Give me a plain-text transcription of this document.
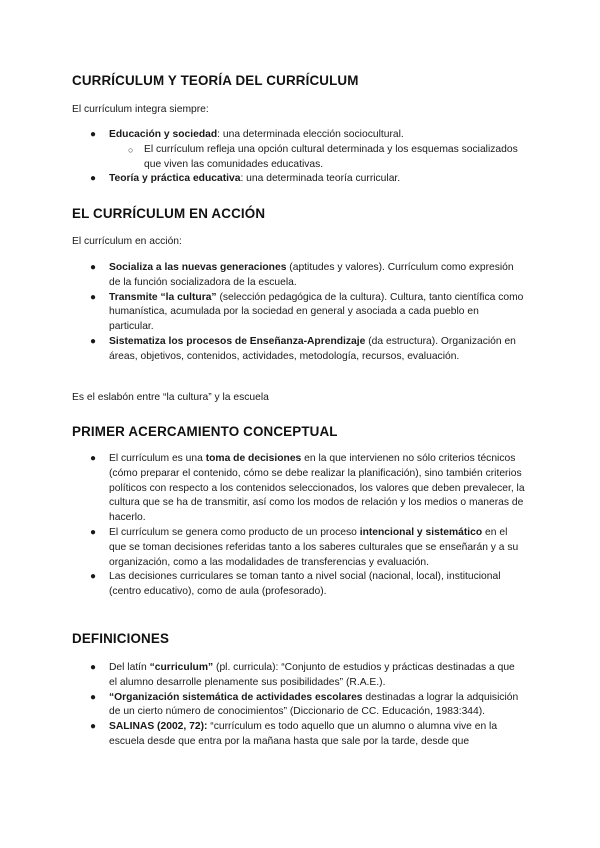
CURRÍCULUM Y TEORÍA DEL CURRÍCULUM

El currículum integra siempre:

● Educación y sociedad: una determinada elección sociocultural.
○ El currículum refleja una opción cultural determinada y los esquemas socializados que viven las comunidades educativas.
● Teoría y práctica educativa: una determinada teoría curricular.
EL CURRÍCULUM EN ACCIÓN

El currículum en acción:

● Socializa a las nuevas generaciones (aptitudes y valores). Currículum como expresión de la función socializadora de la escuela.
● Transmite “la cultura” (selección pedagógica de la cultura). Cultura, tanto científica como humanística, acumulada por la sociedad en general y asociada a cada pueblo en particular.
● Sistematiza los procesos de Enseñanza-Aprendizaje (da estructura). Organización en áreas, objetivos, contenidos, actividades, metodología, recursos, evaluación.

Es el eslabón entre “la cultura” y la escuela

PRIMER ACERCAMIENTO CONCEPTUAL
● El currículum es una toma de decisiones en la que intervienen no sólo criterios técnicos (cómo preparar el contenido, cómo se debe realizar la planificación), sino también criterios políticos con respecto a los contenidos seleccionados, los valores que deben prevalecer, la cultura que se ha de transmitir, así como los modos de relación y los medios o maneras de hacerlo.
● El currículum se genera como producto de un proceso intencional y sistemático en el que se toman decisiones referidas tanto a los saberes culturales que se enseñarán y a su organización, como a las modalidades de transferencias y evaluación.
● Las decisiones curriculares se toman tanto a nivel social (nacional, local), institucional (centro educativo), como de aula (profesorado).
DEFINICIONES
● Del latín “curriculum” (pl. curricula): “Conjunto de estudios y prácticas destinadas a que el alumno desarrolle plenamente sus posibilidades” (R.A.E.).
● “Organización sistemática de actividades escolares destinadas a lograr la adquisición de un cierto número de conocimientos” (Diccionario de CC. Educación, 1983:344).
● SALINAS (2002, 72): “currículum es todo aquello que un alumno o alumna vive en la escuela desde que entra por la mañana hasta que sale por la tarde, desde que
